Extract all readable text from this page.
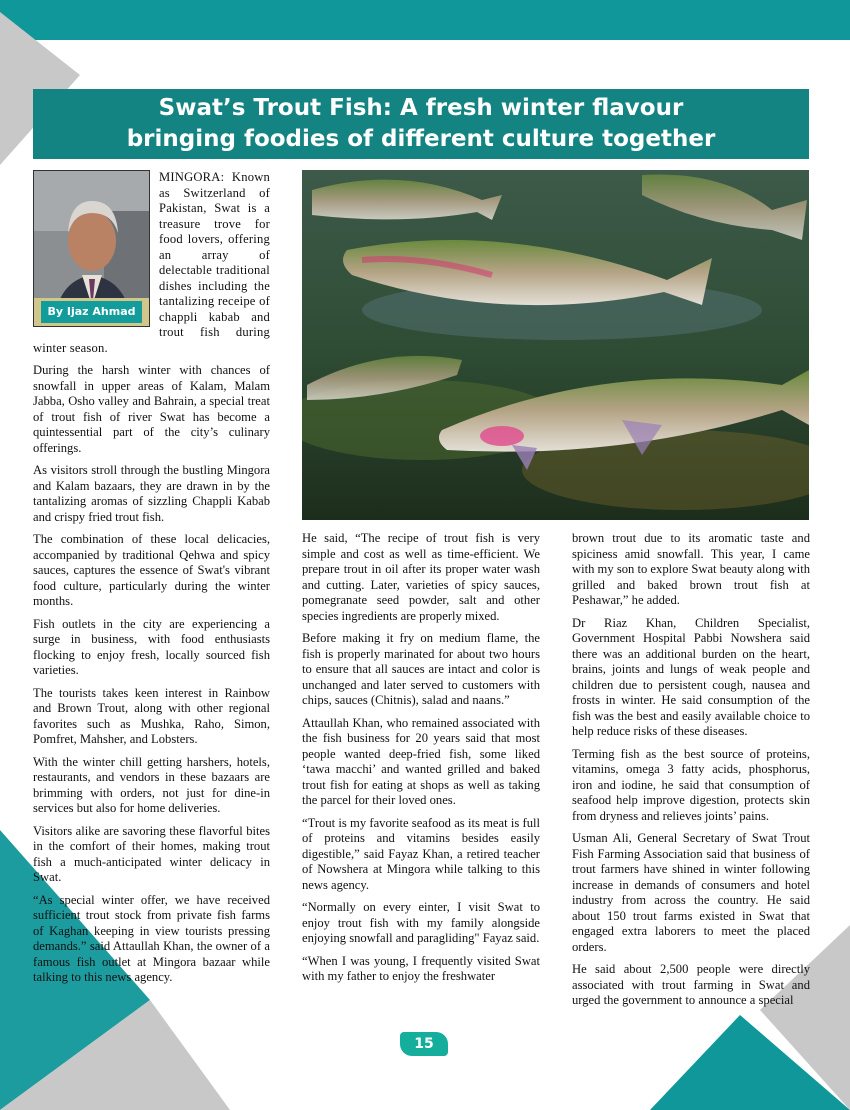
Swat’s Trout Fish: A fresh winter flavour bringing foodies of different culture together
By Ijaz Ahmad

MINGORA: Known as Switzerland of Pakistan, Swat is a treasure trove for food lovers, offering an array of delectable traditional dishes including the tantalizing receipe of chappli kabab and trout fish during winter season.

During the harsh winter with chances of snowfall in upper areas of Kalam, Malam Jabba, Osho valley and Bahrain, a special treat of trout fish of river Swat has become a quintessential part of the city’s culinary offerings.

As visitors stroll through the bustling Mingora and Kalam bazaars, they are drawn in by the tantalizing aromas of sizzling Chappli Kabab and crispy fried trout fish.

The combination of these local delicacies, accompanied by traditional Qehwa and spicy sauces, captures the essence of Swat's vibrant food culture, particularly during the winter months.

Fish outlets in the city are experiencing a surge in business, with food enthusiasts flocking to enjoy fresh, locally sourced fish varieties.

The tourists takes keen interest in Rainbow and Brown Trout, along with other regional favorites such as Mushka, Raho, Simon, Pomfret, Mahsher, and Lobsters.

With the winter chill getting harshers, hotels, restaurants, and vendors in these bazaars are brimming with orders, not just for dine-in services but also for home deliveries.

Visitors alike are savoring these flavorful bites in the comfort of their homes, making trout fish a much-anticipated winter delicacy in Swat.

“As special winter offer, we have received sufficient trout stock from private fish farms of Kaghan keeping in view tourists pressing demands.” said Attaullah Khan, the owner of a famous fish outlet at Mingora bazaar while talking to this news agency.

He said, “The recipe of trout fish is very simple and cost as well as time-efficient. We prepare trout in oil after its proper water wash and cutting. Later, varieties of spicy sauces, pomegranate seed powder, salt and other species ingredients are properly mixed.

Before making it fry on medium flame, the fish is properly marinated for about two hours to ensure that all sauces are intact and color is unchanged and later served to customers with chips, sauces (Chitnis), salad and naans.”

Attaullah Khan, who remained associated with the fish business for 20 years said that most people wanted deep-fried fish, some liked ‘tawa macchi’ and wanted grilled and baked trout fish for eating at shops as well as taking the parcel for their loved ones.

“Trout is my favorite seafood as its meat is full of proteins and vitamins besides easily digestible,” said Fayaz Khan, a retired teacher of Nowshera at Mingora while talking to this news agency.

“Normally on every einter, I visit Swat to enjoy trout fish with my family alongside enjoying snowfall and paragliding" Fayaz said.

“When I was young, I frequently visited Swat with my father to enjoy the freshwater

brown trout due to its aromatic taste and spiciness amid snowfall. This year, I came with my son to explore Swat beauty along with grilled and baked brown trout fish at Peshawar,” he added.

Dr Riaz Khan, Children Specialist, Government Hospital Pabbi Nowshera said there was an additional burden on the heart, brains, joints and lungs of weak people and children due to persistent cough, nausea and frosts in winter. He said consumption of the fish was the best and easily available choice to help reduce risks of these diseases.

Terming fish as the best source of proteins, vitamins, omega 3 fatty acids, phosphorus, iron and iodine, he said that consumption of seafood help improve digestion, protects skin from dryness and relieves joints’ pains.

Usman Ali, General Secretary of Swat Trout Fish Farming Association said that business of trout farmers have shined in winter following increase in demands of consumers and hotel industry from across the country. He said about 150 trout farms existed in Swat that engaged extra laborers to meet the placed orders.

He said about 2,500 people were directly associated with trout farming in Swat and urged the government to announce a special

15
